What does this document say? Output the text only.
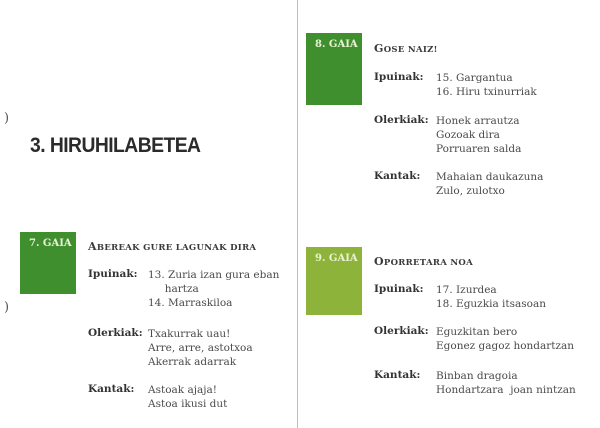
)
)
3. HIRUHILABETEA
7. GAIA	ABEREAK GURE LAGUNAK DIRA
Ipuinak:	13. Zuria izan gura eban
hartza
14. Marraskiloa
Olerkiak: Txakurrak uau!
Arre, arre, astotxoa
Akerrak adarrak
Kantak:	Astoak ajaja!
Astoa ikusi dut
8. GAIA	GOSE NAIZ!
Ipuinak:	15. Gargantua
16. Hiru txinurriak
Olerkiak: Honek arrautza
Gozoak dira
Porruaren salda
Kantak:	Mahaian daukazuna
Zulo, zulotxo
9. GAIA	OPORRETARA NOA
Ipuinak:	17. Izurdea
18. Eguzkia itsasoan
Olerkiak: Eguzkitan bero
Egonez gagoz hondartzan
Kantak:	Binban dragoia
Hondartzara  joan nintzan
